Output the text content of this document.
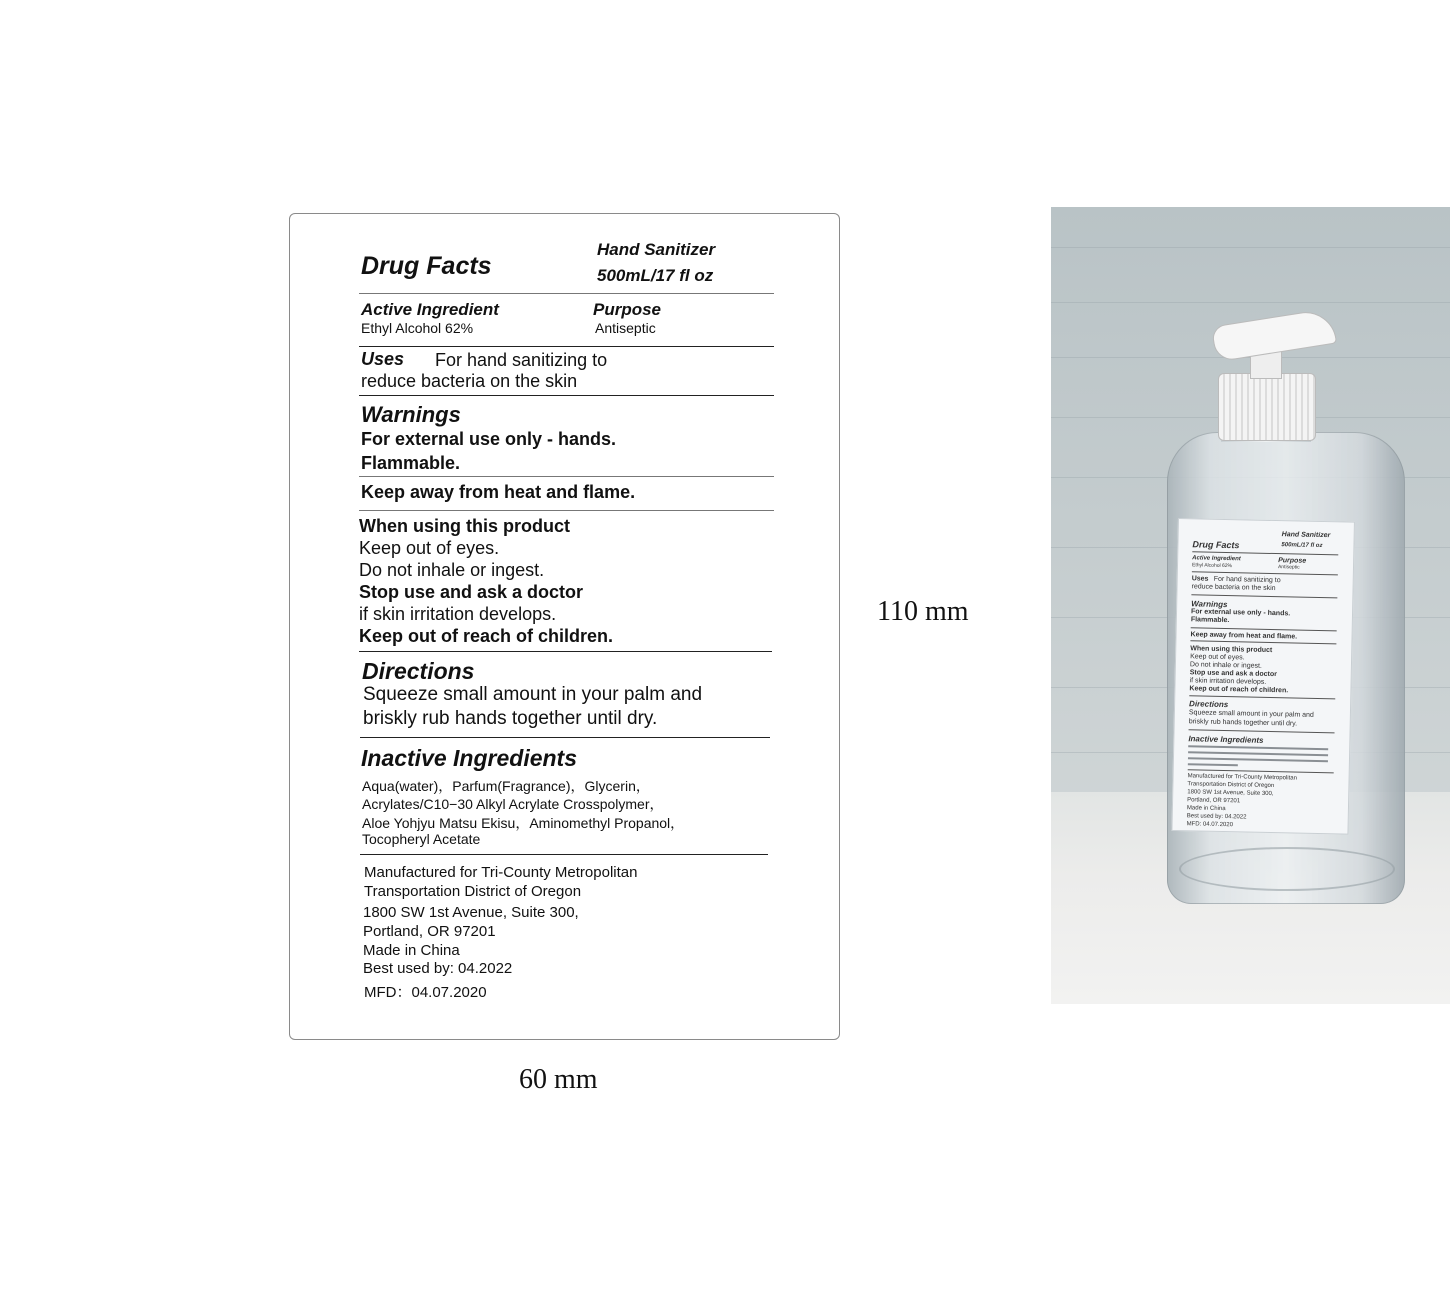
Drug Facts
Hand Sanitizer
500mL/17 fl oz
Active Ingredient
Ethyl Alcohol 62%
Purpose
Antiseptic
Uses For hand sanitizing to
reduce bacteria on the skin
Warnings
For external use only - hands.
Flammable.
Keep away from heat and flame.
When using this product
Keep out of eyes.
Do not inhale or ingest.
Stop use and ask a doctor
if skin irritation develops.
Keep out of reach of children.
Directions
Squeeze small amount in your palm and
briskly rub hands together until dry.
Inactive Ingredients
Aqua(water)，Parfum(Fragrance)，Glycerin，
Acrylates/C10−30 Alkyl Acrylate Crosspolymer，
Aloe Yohjyu Matsu Ekisu，Aminomethyl Propanol，
Tocopheryl Acetate
Manufactured for Tri-County Metropolitan
Transportation District of Oregon
1800 SW 1st Avenue, Suite 300,
Portland, OR 97201
Made in China
Best used by: 04.2022
MFD：04.07.2020
110 mm
60 mm
Drug Facts
Hand Sanitizer
500mL/17 fl oz
Active Ingredient	Purpose
Ethyl Alcohol 62%	Antiseptic
Uses For hand sanitizing to
reduce bacteria on the skin
Warnings
For external use only - hands.
Flammable.
Keep away from heat and flame.
When using this product
Keep out of eyes.
Do not inhale or ingest.
Stop use and ask a doctor
if skin irritation develops.
Keep out of reach of children.
Directions
Squeeze small amount in your palm and
briskly rub hands together until dry.
Inactive Ingredients
Manufactured for Tri-County Metropolitan
Transportation District of Oregon
1800 SW 1st Avenue, Suite 300,
Portland, OR 97201
Made in China
Best used by: 04.2022
MFD: 04.07.2020
